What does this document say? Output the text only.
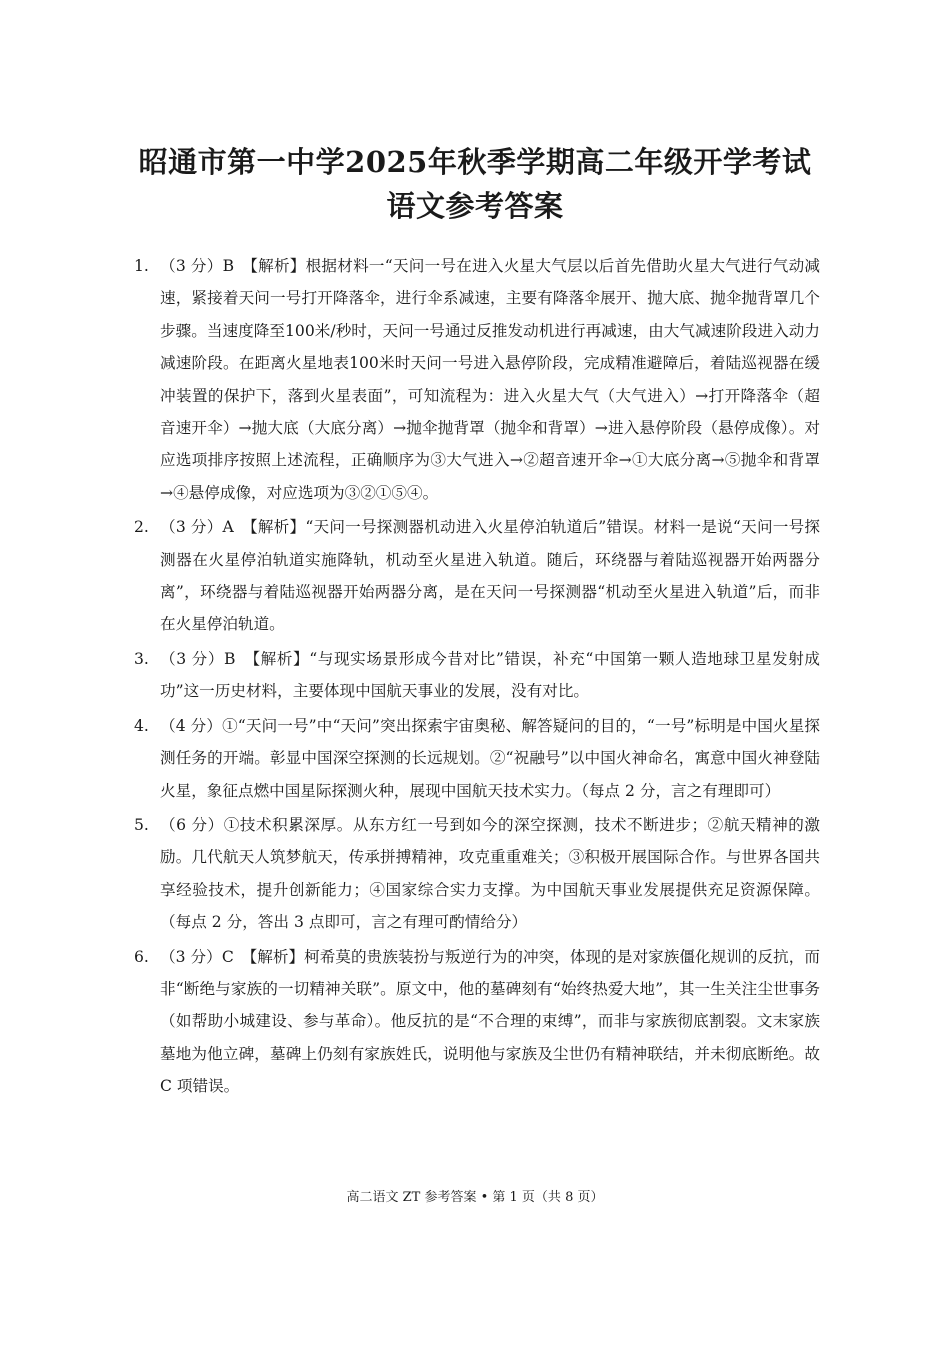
昭通市第一中学2025年秋季学期高二年级开学考试
语文参考答案
1. （3 分）B　【解析】根据材料一“天问一号在进入火星大气层以后首先借助火星大气进行气动减速，紧接着天问一号打开降落伞，进行伞系减速，主要有降落伞展开、抛大底、抛伞抛背罩几个步骤。当速度降至100米/秒时，天问一号通过反推发动机进行再减速，由大气减速阶段进入动力减速阶段。在距离火星地表100米时天问一号进入悬停阶段，完成精准避障后，着陆巡视器在缓冲装置的保护下，落到火星表面”，可知流程为：进入火星大气（大气进入）→打开降落伞（超音速开伞）→抛大底（大底分离）→抛伞抛背罩（抛伞和背罩）→进入悬停阶段（悬停成像）。对应选项排序按照上述流程，正确顺序为③大气进入→②超音速开伞→①大底分离→⑤抛伞和背罩→④悬停成像，对应选项为③②①⑤④。
2. （3 分）A　【解析】“天问一号探测器机动进入火星停泊轨道后”错误。材料一是说“天问一号探测器在火星停泊轨道实施降轨，机动至火星进入轨道。随后，环绕器与着陆巡视器开始两器分离”，环绕器与着陆巡视器开始两器分离，是在天问一号探测器“机动至火星进入轨道”后，而非在火星停泊轨道。
3. （3 分）B　【解析】“与现实场景形成今昔对比”错误，补充“中国第一颗人造地球卫星发射成功”这一历史材料，主要体现中国航天事业的发展，没有对比。
4. （4 分）①“天问一号”中“天问”突出探索宇宙奥秘、解答疑问的目的，“一号”标明是中国火星探测任务的开端。彰显中国深空探测的长远规划。②“祝融号”以中国火神命名，寓意中国火神登陆火星，象征点燃中国星际探测火种，展现中国航天技术实力。（每点 2 分，言之有理即可）
5. （6 分）①技术积累深厚。从东方红一号到如今的深空探测，技术不断进步；②航天精神的激励。几代航天人筑梦航天，传承拼搏精神，攻克重重难关；③积极开展国际合作。与世界各国共享经验技术，提升创新能力；④国家综合实力支撑。为中国航天事业发展提供充足资源保障。（每点 2 分，答出 3 点即可，言之有理可酌情给分）
6. （3 分）C　【解析】柯希莫的贵族装扮与叛逆行为的冲突，体现的是对家族僵化规训的反抗，而非“断绝与家族的一切精神关联”。原文中，他的墓碑刻有“始终热爱大地”，其一生关注尘世事务（如帮助小城建设、参与革命）。他反抗的是“不合理的束缚”，而非与家族彻底割裂。文末家族墓地为他立碑，墓碑上仍刻有家族姓氏，说明他与家族及尘世仍有精神联结，并未彻底断绝。故 C 项错误。
高二语文 ZT 参考答案 • 第 1 页（共 8 页）
